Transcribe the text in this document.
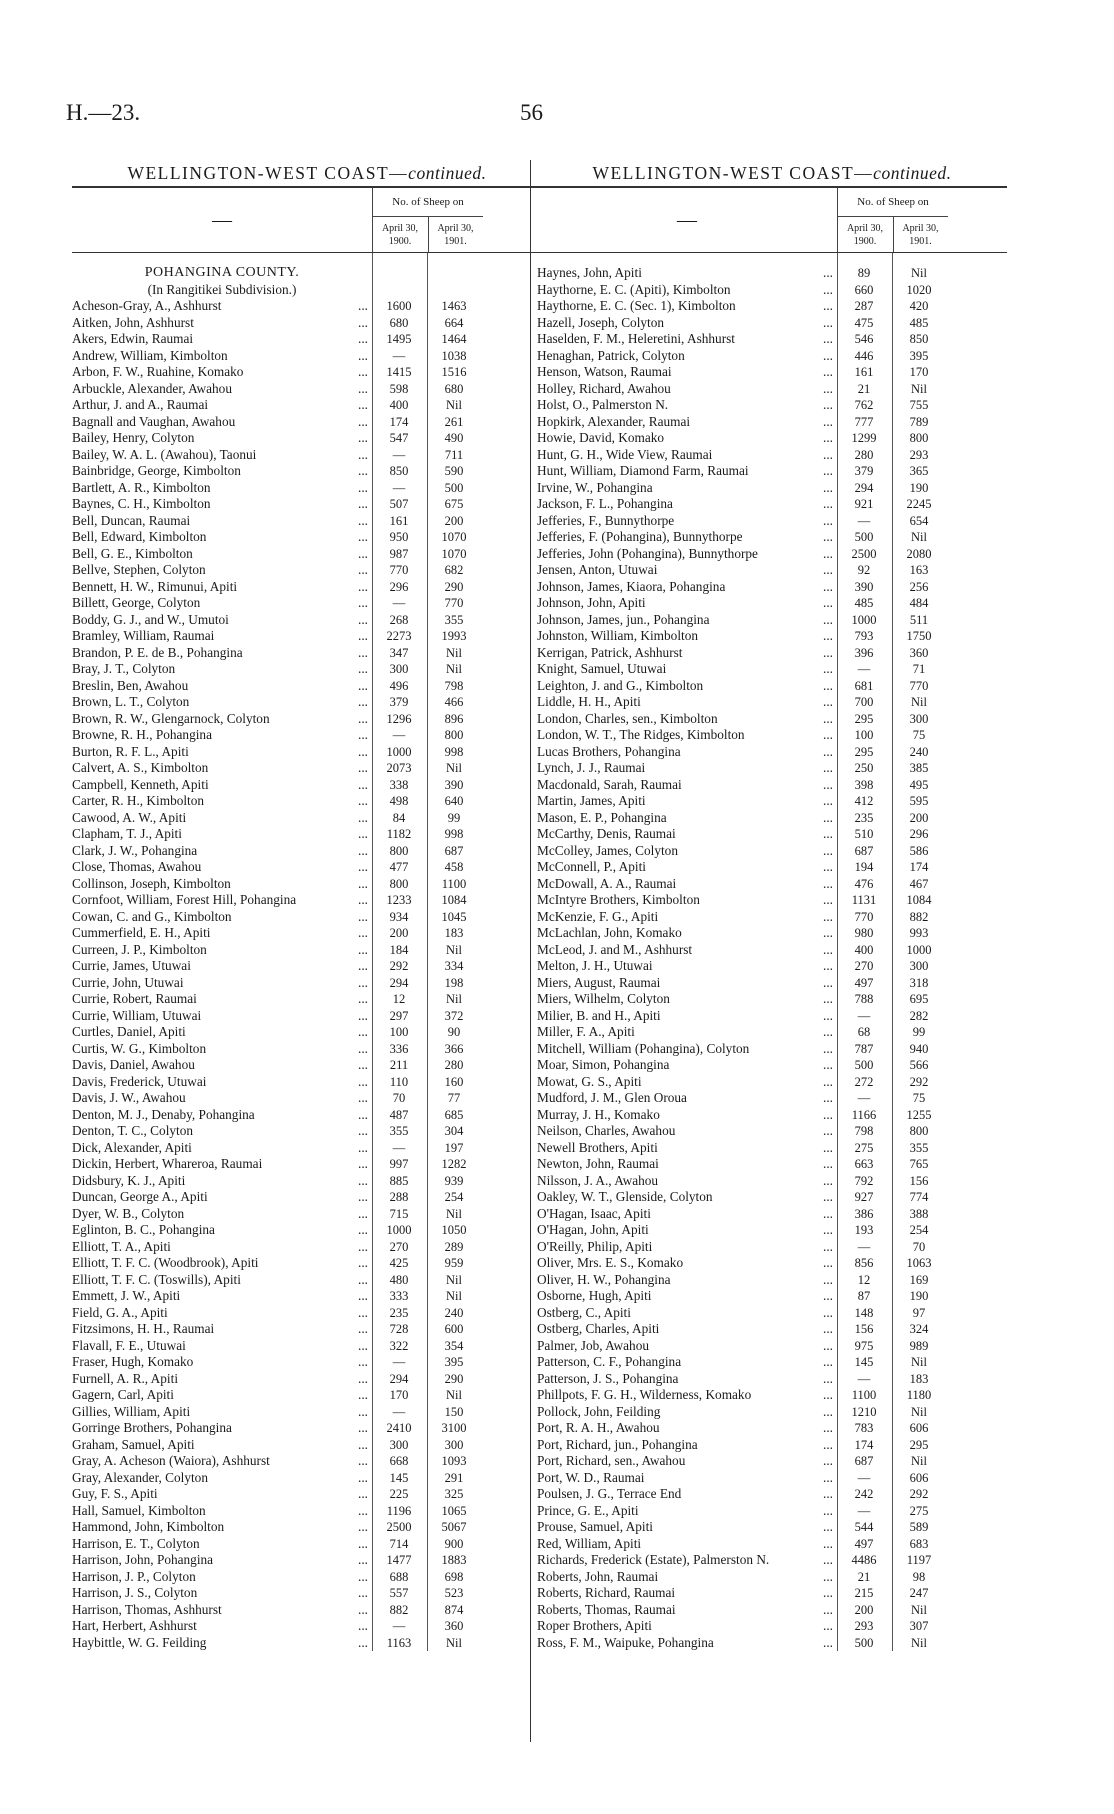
H.—23.	56
WELLINGTON-WEST COAST—continued.
—
No. of Sheep on
April 30, 1900.
April 30, 1901.
POHANGINA COUNTY.
(In Rangitikei Subdivision.)
Acheson-Gray, A., Ashhurst	...	1600	1463
Aitken, John, Ashhurst	...	680	664
Akers, Edwin, Raumai	...	1495	1464
Andrew, William, Kimbolton	...	—	1038
Arbon, F. W., Ruahine, Komako	...	1415	1516
Arbuckle, Alexander, Awahou	...	598	680
Arthur, J. and A., Raumai	...	400	Nil
Bagnall and Vaughan, Awahou	...	174	261
Bailey, Henry, Colyton	...	547	490
Bailey, W. A. L. (Awahou), Taonui	...	—	711
Bainbridge, George, Kimbolton	...	850	590
Bartlett, A. R., Kimbolton	...	—	500
Baynes, C. H., Kimbolton	...	507	675
Bell, Duncan, Raumai	...	161	200
Bell, Edward, Kimbolton	...	950	1070
Bell, G. E., Kimbolton	...	987	1070
Bellve, Stephen, Colyton	...	770	682
Bennett, H. W., Rimunui, Apiti	...	296	290
Billett, George, Colyton	...	—	770
Boddy, G. J., and W., Umutoi	...	268	355
Bramley, William, Raumai	...	2273	1993
Brandon, P. E. de B., Pohangina	...	347	Nil
Bray, J. T., Colyton	...	300	Nil
Breslin, Ben, Awahou	...	496	798
Brown, L. T., Colyton	...	379	466
Brown, R. W., Glengarnock, Colyton	...	1296	896
Browne, R. H., Pohangina	...	—	800
Burton, R. F. L., Apiti	...	1000	998
Calvert, A. S., Kimbolton	...	2073	Nil
Campbell, Kenneth, Apiti	...	338	390
Carter, R. H., Kimbolton	...	498	640
Cawood, A. W., Apiti	...	84	99
Clapham, T. J., Apiti	...	1182	998
Clark, J. W., Pohangina	...	800	687
Close, Thomas, Awahou	...	477	458
Collinson, Joseph, Kimbolton	...	800	1100
Cornfoot, William, Forest Hill, Pohangina	...	1233	1084
Cowan, C. and G., Kimbolton	...	934	1045
Cummerfield, E. H., Apiti	...	200	183
Curreen, J. P., Kimbolton	...	184	Nil
Currie, James, Utuwai	...	292	334
Currie, John, Utuwai	...	294	198
Currie, Robert, Raumai	...	12	Nil
Currie, William, Utuwai	...	297	372
Curtles, Daniel, Apiti	...	100	90
Curtis, W. G., Kimbolton	...	336	366
Davis, Daniel, Awahou	...	211	280
Davis, Frederick, Utuwai	...	110	160
Davis, J. W., Awahou	...	70	77
Denton, M. J., Denaby, Pohangina	...	487	685
Denton, T. C., Colyton	...	355	304
Dick, Alexander, Apiti	...	—	197
Dickin, Herbert, Whareroa, Raumai	...	997	1282
Didsbury, K. J., Apiti	...	885	939
Duncan, George A., Apiti	...	288	254
Dyer, W. B., Colyton	...	715	Nil
Eglinton, B. C., Pohangina	...	1000	1050
Elliott, T. A., Apiti	...	270	289
Elliott, T. F. C. (Woodbrook), Apiti	...	425	959
Elliott, T. F. C. (Toswills), Apiti	...	480	Nil
Emmett, J. W., Apiti	...	333	Nil
Field, G. A., Apiti	...	235	240
Fitzsimons, H. H., Raumai	...	728	600
Flavall, F. E., Utuwai	...	322	354
Fraser, Hugh, Komako	...	—	395
Furnell, A. R., Apiti	...	294	290
Gagern, Carl, Apiti	...	170	Nil
Gillies, William, Apiti	...	—	150
Gorringe Brothers, Pohangina	...	2410	3100
Graham, Samuel, Apiti	...	300	300
Gray, A. Acheson (Waiora), Ashhurst	...	668	1093
Gray, Alexander, Colyton	...	145	291
Guy, F. S., Apiti	...	225	325
Hall, Samuel, Kimbolton	...	1196	1065
Hammond, John, Kimbolton	...	2500	5067
Harrison, E. T., Colyton	...	714	900
Harrison, John, Pohangina	...	1477	1883
Harrison, J. P., Colyton	...	688	698
Harrison, J. S., Colyton	...	557	523
Harrison, Thomas, Ashhurst	...	882	874
Hart, Herbert, Ashhurst	...	—	360
Haybittle, W. G. Feilding	...	1163	Nil
WELLINGTON-WEST COAST—continued.
—
No. of Sheep on
April 30, 1900.
April 30, 1901.
Haynes, John, Apiti	...	89	Nil
Haythorne, E. C. (Apiti), Kimbolton	...	660	1020
Haythorne, E. C. (Sec. 1), Kimbolton	...	287	420
Hazell, Joseph, Colyton	...	475	485
Haselden, F. M., Heleretini, Ashhurst	...	546	850
Henaghan, Patrick, Colyton	...	446	395
Henson, Watson, Raumai	...	161	170
Holley, Richard, Awahou	...	21	Nil
Holst, O., Palmerston N.	...	762	755
Hopkirk, Alexander, Raumai	...	777	789
Howie, David, Komako	...	1299	800
Hunt, G. H., Wide View, Raumai	...	280	293
Hunt, William, Diamond Farm, Raumai	...	379	365
Irvine, W., Pohangina	...	294	190
Jackson, F. L., Pohangina	...	921	2245
Jefferies, F., Bunnythorpe	...	—	654
Jefferies, F. (Pohangina), Bunnythorpe	...	500	Nil
Jefferies, John (Pohangina), Bunnythorpe	...	2500	2080
Jensen, Anton, Utuwai	...	92	163
Johnson, James, Kiaora, Pohangina	...	390	256
Johnson, John, Apiti	...	485	484
Johnson, James, jun., Pohangina	...	1000	511
Johnston, William, Kimbolton	...	793	1750
Kerrigan, Patrick, Ashhurst	...	396	360
Knight, Samuel, Utuwai	...	—	71
Leighton, J. and G., Kimbolton	...	681	770
Liddle, H. H., Apiti	...	700	Nil
London, Charles, sen., Kimbolton	...	295	300
London, W. T., The Ridges, Kimbolton	...	100	75
Lucas Brothers, Pohangina	...	295	240
Lynch, J. J., Raumai	...	250	385
Macdonald, Sarah, Raumai	...	398	495
Martin, James, Apiti	...	412	595
Mason, E. P., Pohangina	...	235	200
McCarthy, Denis, Raumai	...	510	296
McColley, James, Colyton	...	687	586
McConnell, P., Apiti	...	194	174
McDowall, A. A., Raumai	...	476	467
McIntyre Brothers, Kimbolton	...	1131	1084
McKenzie, F. G., Apiti	...	770	882
McLachlan, John, Komako	...	980	993
McLeod, J. and M., Ashhurst	...	400	1000
Melton, J. H., Utuwai	...	270	300
Miers, August, Raumai	...	497	318
Miers, Wilhelm, Colyton	...	788	695
Milier, B. and H., Apiti	...	—	282
Miller, F. A., Apiti	...	68	99
Mitchell, William (Pohangina), Colyton	...	787	940
Moar, Simon, Pohangina	...	500	566
Mowat, G. S., Apiti	...	272	292
Mudford, J. M., Glen Oroua	...	—	75
Murray, J. H., Komako	...	1166	1255
Neilson, Charles, Awahou	...	798	800
Newell Brothers, Apiti	...	275	355
Newton, John, Raumai	...	663	765
Nilsson, J. A., Awahou	...	792	156
Oakley, W. T., Glenside, Colyton	...	927	774
O'Hagan, Isaac, Apiti	...	386	388
O'Hagan, John, Apiti	...	193	254
O'Reilly, Philip, Apiti	...	—	70
Oliver, Mrs. E. S., Komako	...	856	1063
Oliver, H. W., Pohangina	...	12	169
Osborne, Hugh, Apiti	...	87	190
Ostberg, C., Apiti	...	148	97
Ostberg, Charles, Apiti	...	156	324
Palmer, Job, Awahou	...	975	989
Patterson, C. F., Pohangina	...	145	Nil
Patterson, J. S., Pohangina	...	—	183
Phillpots, F. G. H., Wilderness, Komako	...	1100	1180
Pollock, John, Feilding	...	1210	Nil
Port, R. A. H., Awahou	...	783	606
Port, Richard, jun., Pohangina	...	174	295
Port, Richard, sen., Awahou	...	687	Nil
Port, W. D., Raumai	...	—	606
Poulsen, J. G., Terrace End	...	242	292
Prince, G. E., Apiti	...	—	275
Prouse, Samuel, Apiti	...	544	589
Red, William, Apiti	...	497	683
Richards, Frederick (Estate), Palmerston N.	...	4486	1197
Roberts, John, Raumai	...	21	98
Roberts, Richard, Raumai	...	215	247
Roberts, Thomas, Raumai	...	200	Nil
Roper Brothers, Apiti	...	293	307
Ross, F. M., Waipuke, Pohangina	...	500	Nil
